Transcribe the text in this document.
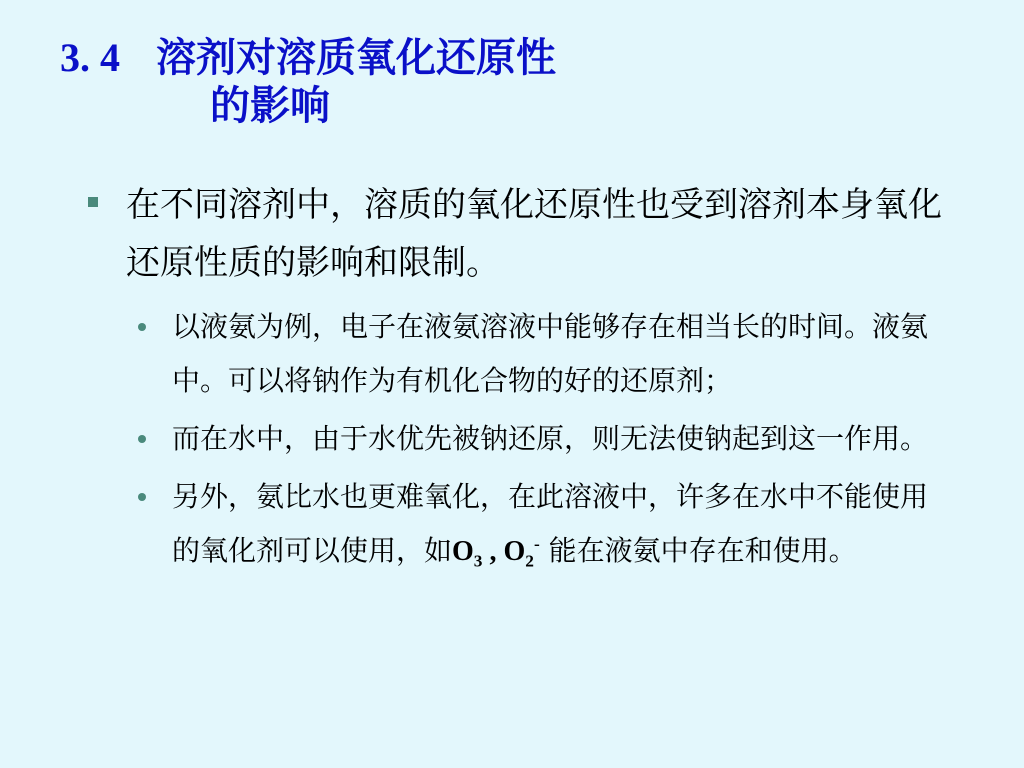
3. 4 溶剂对溶质氧化还原性
的影响
在不同溶剂中，溶质的氧化还原性也受到溶剂本身氧化还原性质的影响和限制。
以液氨为例，电子在液氨溶液中能够存在相当长的时间。液氨中。可以将钠作为有机化合物的好的还原剂；
而在水中，由于水优先被钠还原，则无法使钠起到这一作用。
另外，氨比水也更难氧化，在此溶液中，许多在水中不能使用的氧化剂可以使用，如$O_3$ , $O_2^-$ 能在液氨中存在和使用。
